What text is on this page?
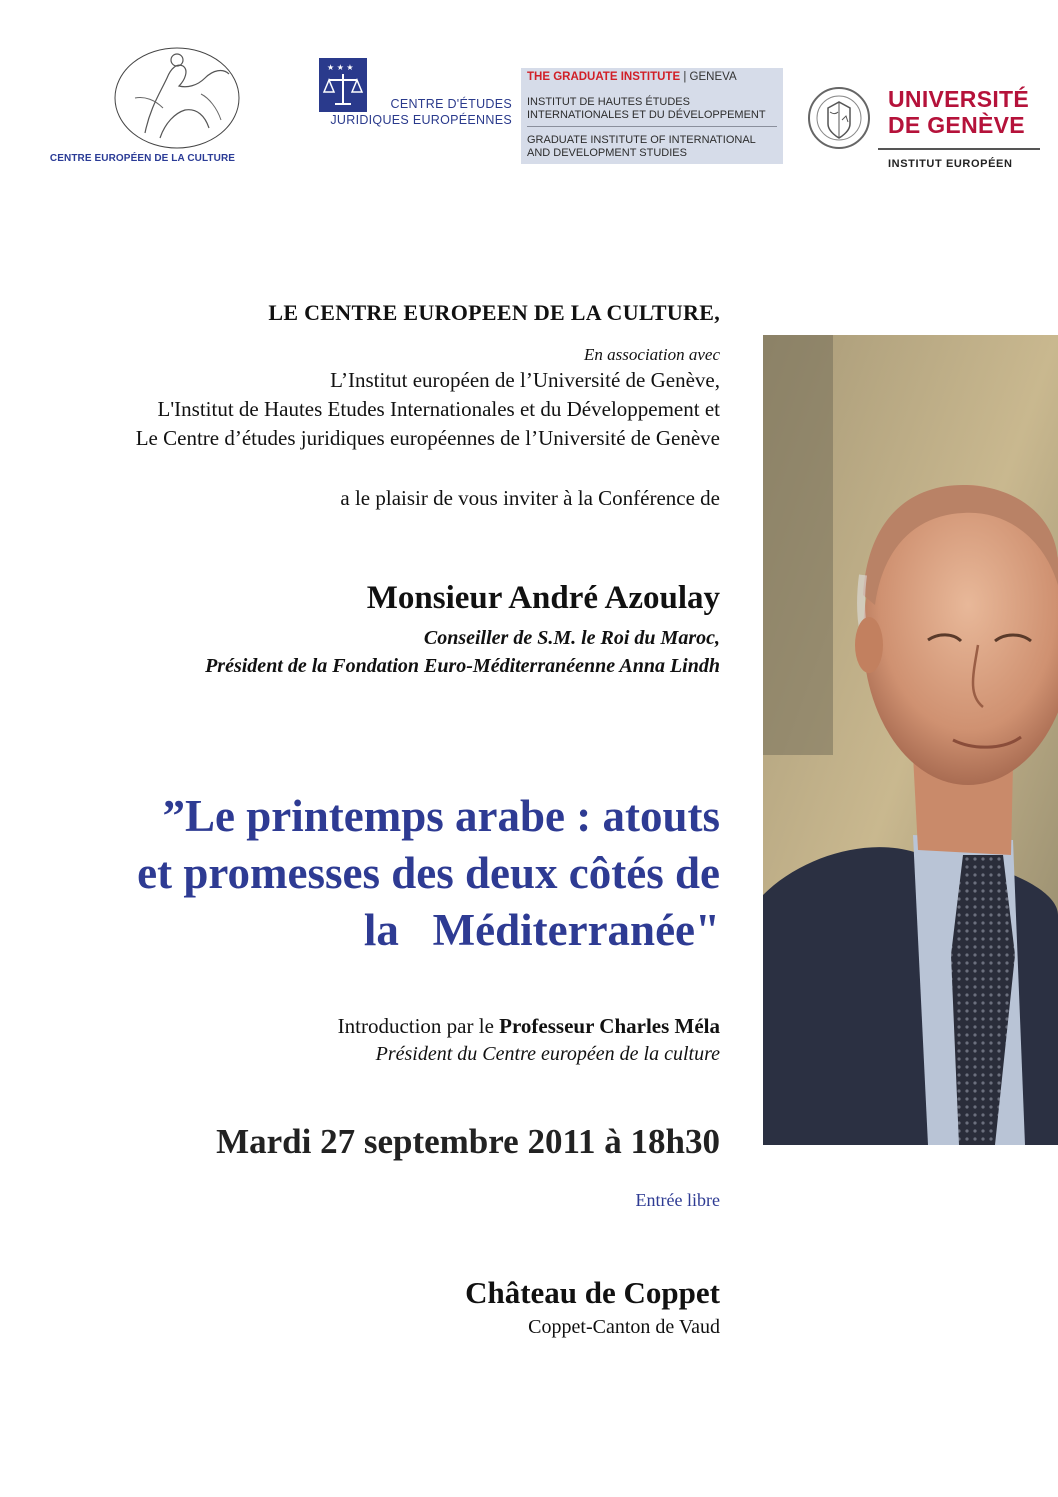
CENTRE EUROPÉEN DE LA CULTURE
★ ★ ★
CENTRE D'ÉTUDES
JURIDIQUES EUROPÉENNES
THE GRADUATE INSTITUTE | GENEVA
INSTITUT DE HAUTES ÉTUDES
INTERNATIONALES ET DU DÉVELOPPEMENT
GRADUATE INSTITUTE OF INTERNATIONAL
AND DEVELOPMENT STUDIES
UNIVERSITÉ
DE GENÈVE
INSTITUT EUROPÉEN
LE CENTRE EUROPEEN DE LA CULTURE,
En association avec
L’Institut européen de l’Université de Genève,
L'Institut de Hautes Etudes Internationales et du Développement et
Le Centre d’études juridiques européennes de l’Université de Genève
a le plaisir de vous inviter à la Conférence de
Monsieur André Azoulay
Conseiller de S.M. le Roi du Maroc,
Président de la Fondation Euro-Méditerranéenne Anna Lindh
”Le printemps arabe : atouts
et promesses des deux côtés de
la   Méditerranée"
Introduction par le Professeur Charles Méla
Président du Centre européen de la culture
Mardi 27 septembre 2011 à 18h30
Entrée libre
Château de Coppet
Coppet-Canton de Vaud
